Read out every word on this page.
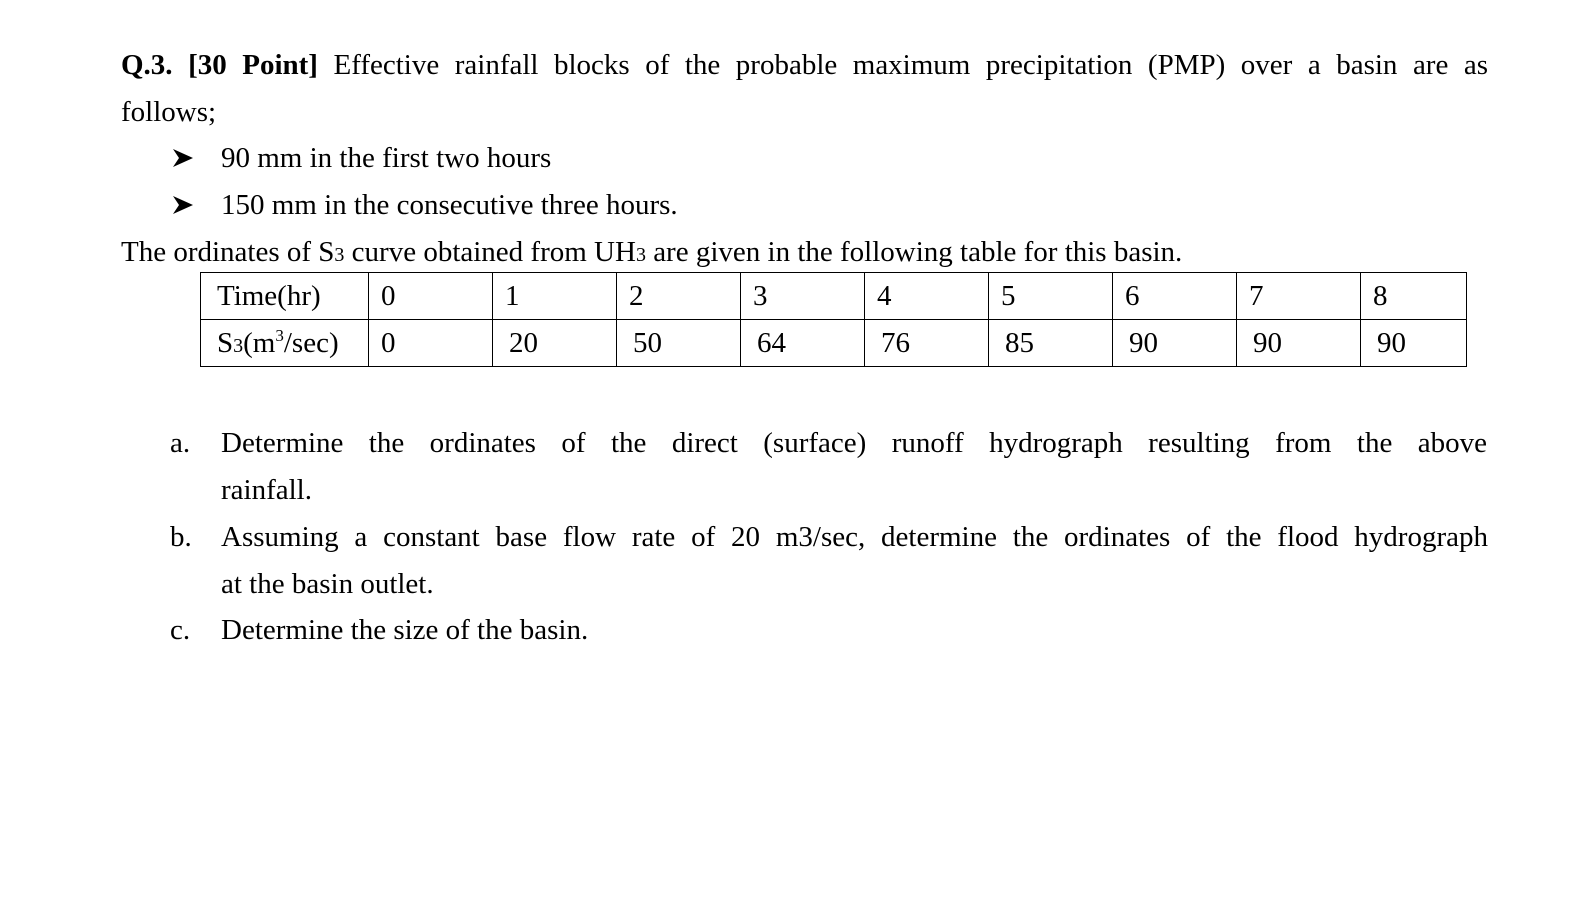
Q.3. [30 Point] Effective rainfall blocks of the probable maximum precipitation (PMP) over a basin are as
follows;
90 mm in the first two hours
150 mm in the consecutive three hours.
The ordinates of S3 curve obtained from UH3 are given in the following table for this basin.
Time(hr)	0	1	2	3	4	5	6	7	8
$S3(m^3/\sec)$	0	20	50	64	76	85	90	90	90
a. Determine the ordinates of the direct (surface) runoff hydrograph resulting from the above
rainfall.
b. Assuming a constant base flow rate of 20 m3/sec, determine the ordinates of the flood hydrograph
at the basin outlet.
c. Determine the size of the basin.
